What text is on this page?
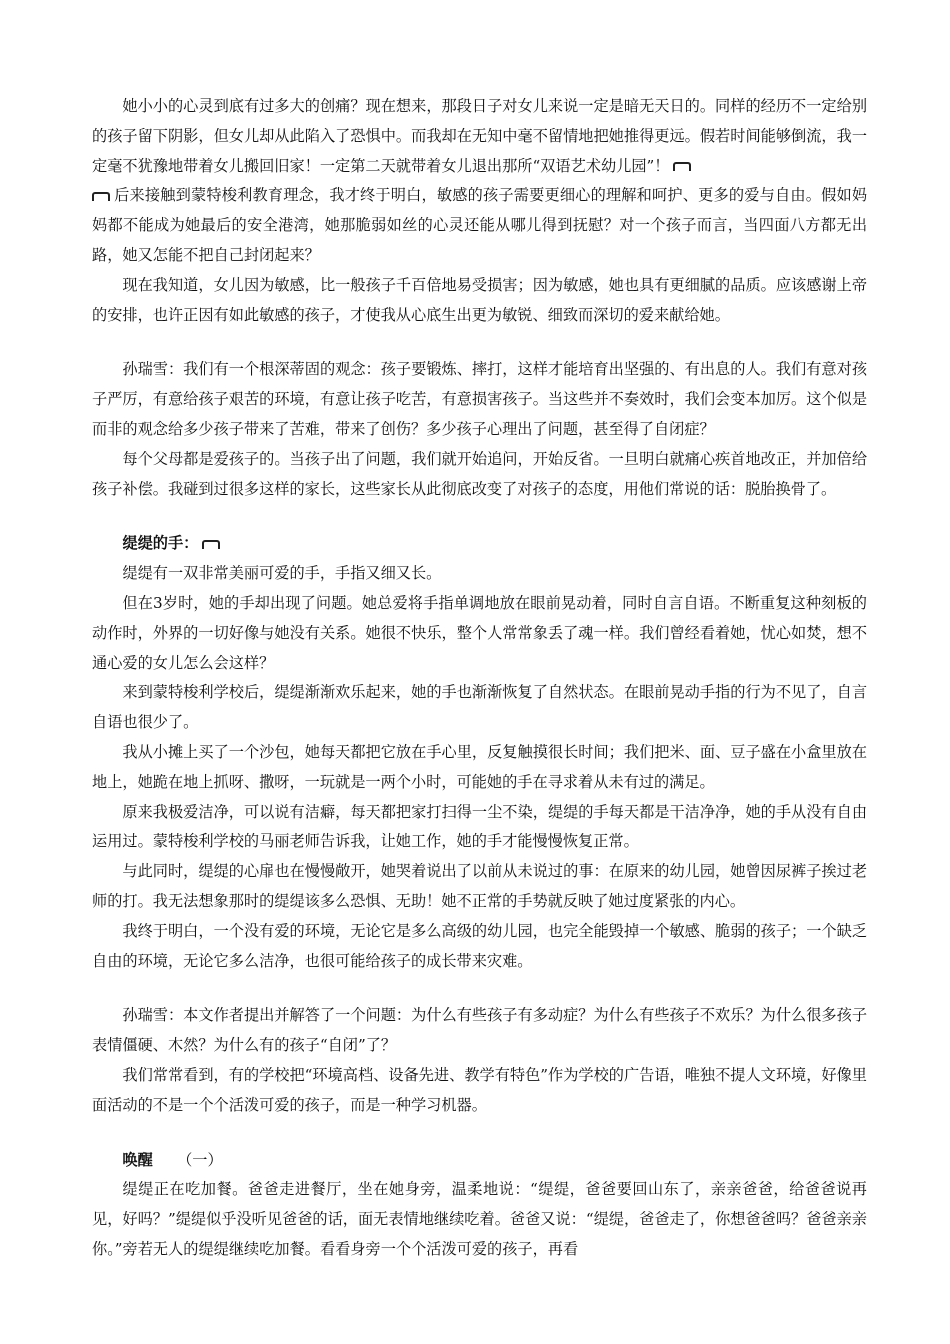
她小小的心灵到底有过多大的创痛？现在想来，那段日子对女儿来说一定是暗无天日的。同样的经历不一定给别的孩子留下阴影，但女儿却从此陷入了恐惧中。而我却在无知中毫不留情地把她推得更远。假若时间能够倒流，我一定毫不犹豫地带着女儿搬回旧家！一定第二天就带着女儿退出那所“双语艺术幼儿园”！

后来接触到蒙特梭利教育理念，我才终于明白，敏感的孩子需要更细心的理解和呵护、更多的爱与自由。假如妈妈都不能成为她最后的安全港湾，她那脆弱如丝的心灵还能从哪儿得到抚慰？对一个孩子而言，当四面八方都无出路，她又怎能不把自己封闭起来？

现在我知道，女儿因为敏感，比一般孩子千百倍地易受损害；因为敏感，她也具有更细腻的品质。应该感谢上帝的安排，也许正因有如此敏感的孩子，才使我从心底生出更为敏锐、细致而深切的爱来献给她。

孙瑞雪：我们有一个根深蒂固的观念：孩子要锻炼、摔打，这样才能培育出坚强的、有出息的人。我们有意对孩子严厉，有意给孩子艰苦的环境，有意让孩子吃苦，有意损害孩子。当这些并不奏效时，我们会变本加厉。这个似是而非的观念给多少孩子带来了苦难，带来了创伤？多少孩子心理出了问题，甚至得了自闭症？

每个父母都是爱孩子的。当孩子出了问题，我们就开始追问，开始反省。一旦明白就痛心疾首地改正，并加倍给孩子补偿。我碰到过很多这样的家长，这些家长从此彻底改变了对孩子的态度，用他们常说的话：脱胎换骨了。

缇缇的手：

缇缇有一双非常美丽可爱的手，手指又细又长。

但在3岁时，她的手却出现了问题。她总爱将手指单调地放在眼前晃动着，同时自言自语。不断重复这种刻板的动作时，外界的一切好像与她没有关系。她很不快乐，整个人常常象丢了魂一样。我们曾经看着她，忧心如焚，想不通心爱的女儿怎么会这样？

来到蒙特梭利学校后，缇缇渐渐欢乐起来，她的手也渐渐恢复了自然状态。在眼前晃动手指的行为不见了，自言自语也很少了。

我从小摊上买了一个沙包，她每天都把它放在手心里，反复触摸很长时间；我们把米、面、豆子盛在小盒里放在地上，她跪在地上抓呀、撒呀，一玩就是一两个小时，可能她的手在寻求着从未有过的满足。

原来我极爱洁净，可以说有洁癖，每天都把家打扫得一尘不染，缇缇的手每天都是干洁净净，她的手从没有自由运用过。蒙特梭利学校的马丽老师告诉我，让她工作，她的手才能慢慢恢复正常。

与此同时，缇缇的心扉也在慢慢敞开，她哭着说出了以前从未说过的事：在原来的幼儿园，她曾因尿裤子挨过老师的打。我无法想象那时的缇缇该多么恐惧、无助！她不正常的手势就反映了她过度紧张的内心。

我终于明白，一个没有爱的环境，无论它是多么高级的幼儿园，也完全能毁掉一个敏感、脆弱的孩子；一个缺乏自由的环境，无论它多么洁净，也很可能给孩子的成长带来灾难。

孙瑞雪：本文作者提出并解答了一个问题：为什么有些孩子有多动症？为什么有些孩子不欢乐？为什么很多孩子表情僵硬、木然？为什么有的孩子“自闭”了？

我们常常看到，有的学校把“环境高档、设备先进、教学有特色”作为学校的广告语，唯独不提人文环境，好像里面活动的不是一个个活泼可爱的孩子，而是一种学习机器。

唤醒 （一）

缇缇正在吃加餐。爸爸走进餐厅，坐在她身旁，温柔地说：“缇缇，爸爸要回山东了，亲亲爸爸，给爸爸说再见，好吗？”缇缇似乎没听见爸爸的话，面无表情地继续吃着。爸爸又说：“缇缇，爸爸走了，你想爸爸吗？爸爸亲亲你。”旁若无人的缇缇继续吃加餐。看看身旁一个个活泼可爱的孩子，再看
